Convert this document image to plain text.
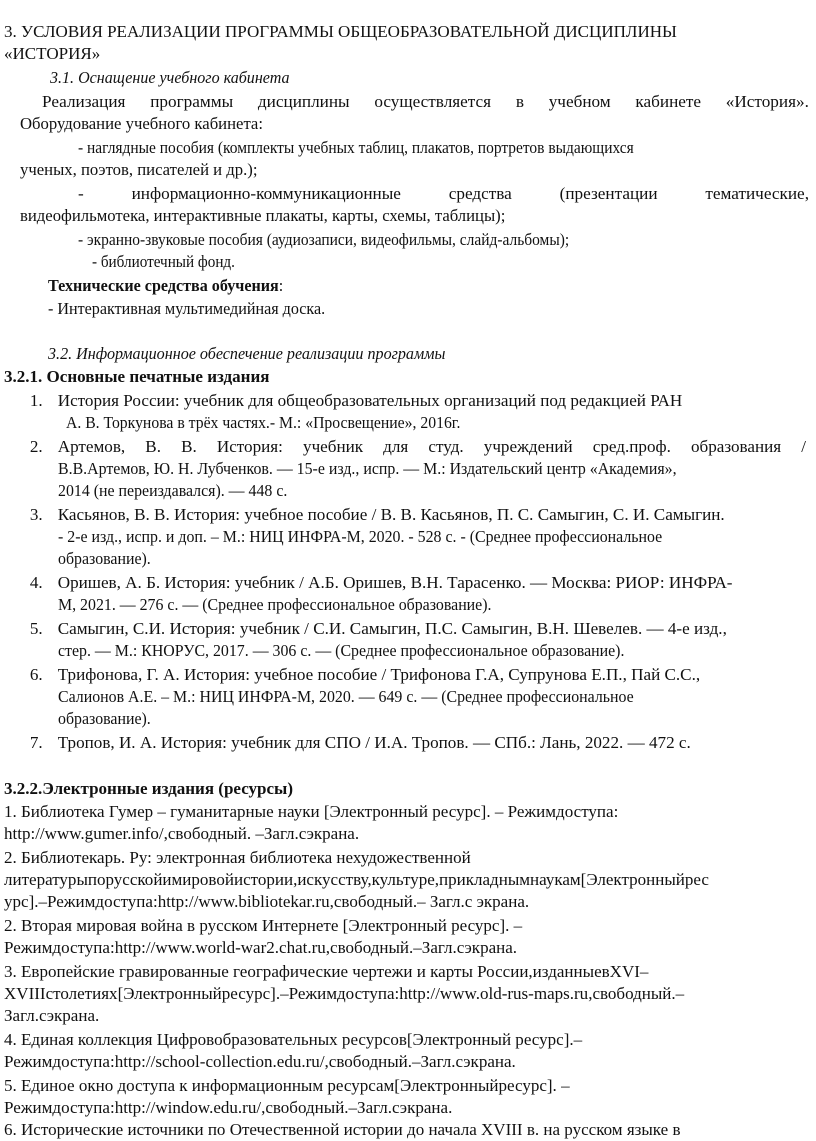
3. УСЛОВИЯ РЕАЛИЗАЦИИ ПРОГРАММЫ ОБЩЕОБРАЗОВАТЕЛЬНОЙ ДИСЦИПЛИНЫ
«ИСТОРИЯ»
3.1. Оснащение учебного кабинета
Реализация программы дисциплины осуществляется в учебном кабинете «История».
Оборудование учебного кабинета:
- наглядные пособия (комплекты учебных таблиц, плакатов, портретов выдающихся
ученых, поэтов, писателей и др.);
-	информационно-коммуникационные	средства	(презентации	тематические,
видеофильмотека, интерактивные плакаты, карты, схемы, таблицы);
- экранно-звуковые пособия (аудиозаписи, видеофильмы, слайд-альбомы);
- библиотечный фонд.
Технические средства обучения:
- Интерактивная мультимедийная доска.
3.2. Информационное обеспечение реализации программы
3.2.1. Основные печатные издания
1. История России: учебник для общеобразовательных организаций под редакцией РАН
А. В. Торкунова в трёх частях.- М.: «Просвещение», 2016г.
2. Артемов, В. В. История: учебник для студ. учреждений сред.проф. образования /
В.В.Артемов, Ю. Н. Лубченков. — 15-е изд., испр. — М.: Издательский центр «Академия»,
2014 (не переиздавался). — 448 с.
3. Касьянов, В. В. История: учебное пособие / В. В. Касьянов, П. С. Самыгин, С. И. Самыгин.
- 2-е изд., испр. и доп. – М.: НИЦ ИНФРА-М, 2020. - 528 с. - (Среднее профессиональное
образование).
4. Оришев, А. Б. История: учебник / А.Б. Оришев, В.Н. Тарасенко. — Москва: РИОР: ИНФРА-
М, 2021. — 276 с. — (Среднее профессиональное образование).
5. Самыгин, С.И. История: учебник / С.И. Самыгин, П.С. Самыгин, В.Н. Шевелев. — 4-е изд.,
стер. — М.: КНОРУС, 2017. — 306 с. — (Среднее профессиональное образование).
6. Трифонова, Г. А. История: учебное пособие / Трифонова Г.А, Супрунова Е.П., Пай С.С.,
Салионов А.Е. – М.: НИЦ ИНФРА-М, 2020. — 649 с. — (Среднее профессиональное
образование).
7. Тропов, И. А. История: учебник для СПО / И.А. Тропов. — СПб.: Лань, 2022. — 472 с.
3.2.2.Электронные издания (ресурсы)
1. Библиотека Гумер – гуманитарные науки [Электронный ресурс]. – Режимдоступа:
http://www.gumer.info/,свободный. –Загл.сэкрана.
2. Библиотекарь. Ру: электронная библиотека нехудожественной
литературыпорусскойимировойистории,искусству,культуре,прикладнымнаукам[Электронныйрес
урс].–Режимдоступа:http://www.bibliotekar.ru,свободный.– Загл.с экрана.
2. Вторая мировая война в русском Интернете [Электронный ресурс]. –
Режимдоступа:http://www.world-war2.chat.ru,свободный.–Загл.сэкрана.
3. Европейские гравированные географические чертежи и карты России,изданныевXVI–
XVIIIстолетиях[Электронныйресурс].–Режимдоступа:http://www.old-rus-maps.ru,свободный.–
Загл.сэкрана.
4. Единая коллекция Цифровобразовательных ресурсов[Электронный ресурс].–
Режимдоступа:http://school-collection.edu.ru/,свободный.–Загл.сэкрана.
5. Единое окно доступа к информационным ресурсам[Электронныйресурс]. –
Режимдоступа:http://window.edu.ru/,свободный.–Загл.сэкрана.
6. Исторические источники по Отечественной истории до начала XVIII в. на русском языке в
